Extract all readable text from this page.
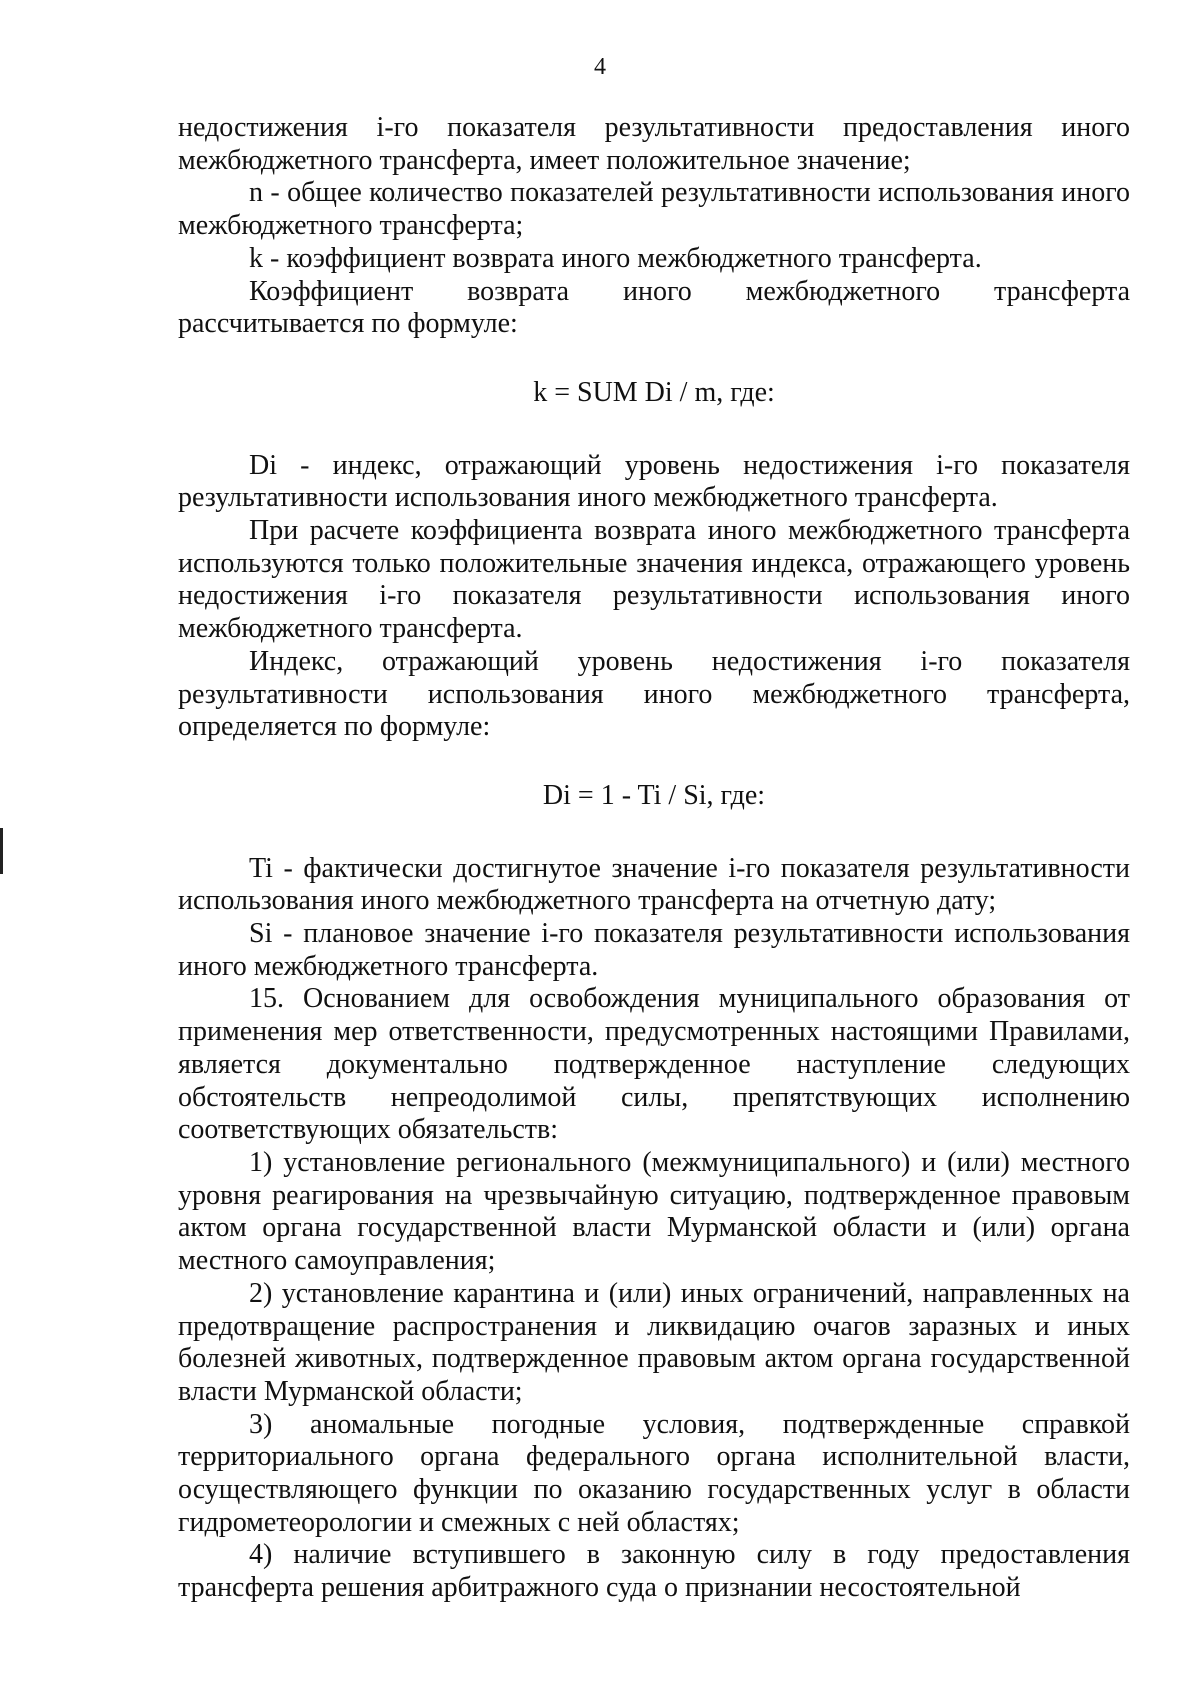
4

недостижения i-го показателя результативности предоставления иного межбюджетного трансферта, имеет положительное значение;

n - общее количество показателей результативности использования иного межбюджетного трансферта;

k - коэффициент возврата иного межбюджетного трансферта.

Коэффициент возврата иного межбюджетного трансферта рассчитывается по формуле:

k = SUM Di / m, где:

Di - индекс, отражающий уровень недостижения i-го показателя результативности использования иного межбюджетного трансферта.

При расчете коэффициента возврата иного межбюджетного трансферта используются только положительные значения индекса, отражающего уровень недостижения i-го показателя результативности использования иного межбюджетного трансферта.

Индекс, отражающий уровень недостижения i-го показателя результативности использования иного межбюджетного трансферта, определяется по формуле:

Di = 1 - Ti / Si, где:

Ti - фактически достигнутое значение i-го показателя результативности использования иного межбюджетного трансферта на отчетную дату;

Si - плановое значение i-го показателя результативности использования иного межбюджетного трансферта.

15. Основанием для освобождения муниципального образования от применения мер ответственности, предусмотренных настоящими Правилами, является документально подтвержденное наступление следующих обстоятельств непреодолимой силы, препятствующих исполнению соответствующих обязательств:

1) установление регионального (межмуниципального) и (или) местного уровня реагирования на чрезвычайную ситуацию, подтвержденное правовым актом органа государственной власти Мурманской области и (или) органа местного самоуправления;

2) установление карантина и (или) иных ограничений, направленных на предотвращение распространения и ликвидацию очагов заразных и иных болезней животных, подтвержденное правовым актом органа государственной власти Мурманской области;

3) аномальные погодные условия, подтвержденные справкой территориального органа федерального органа исполнительной власти, осуществляющего функции по оказанию государственных услуг в области гидрометеорологии и смежных с ней областях;

4) наличие вступившего в законную силу в году предоставления трансферта решения арбитражного суда о признании несостоятельной
